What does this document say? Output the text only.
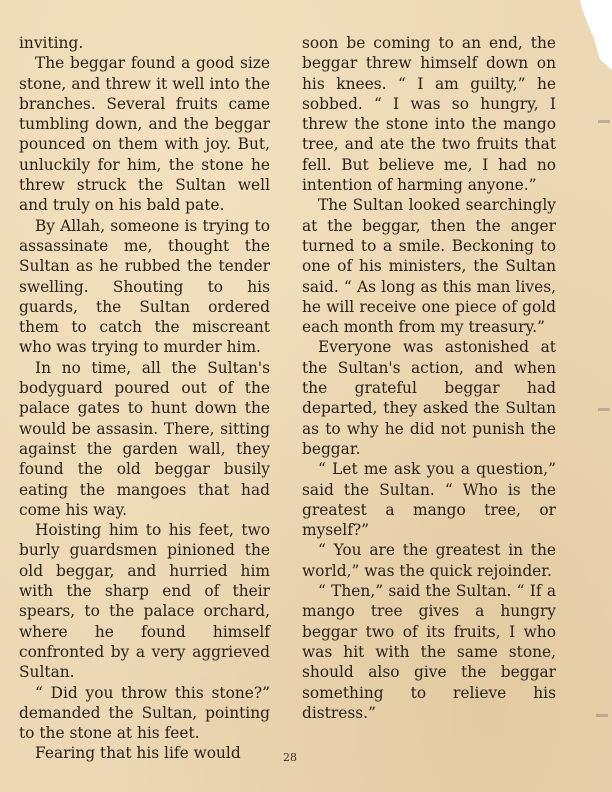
inviting.

The beggar found a good size stone, and threw it well into the branches. Several fruits came tumbling down, and the beggar pounced on them with joy. But, unluckily for him, the stone he threw struck the Sultan well and truly on his bald pate.

By Allah, someone is trying to assassinate me, thought the Sultan as he rubbed the tender swelling. Shouting to his guards, the Sultan ordered them to catch the miscreant who was trying to murder him.

In no time, all the Sultan's bodyguard poured out of the palace gates to hunt down the would be assasin. There, sitting against the garden wall, they found the old beggar busily eating the mangoes that had come his way.

Hoisting him to his feet, two burly guardsmen pinioned the old beggar, and hurried him with the sharp end of their spears, to the palace orchard, where he found himself confronted by a very aggrieved Sultan.

“ Did you throw this stone?” demanded the Sultan, pointing to the stone at his feet.

Fearing that his life would

soon be coming to an end, the beggar threw himself down on his knees. “ I am guilty,” he sobbed. “ I was so hungry, I threw the stone into the mango tree, and ate the two fruits that fell. But believe me, I had no intention of harming anyone.”

The Sultan looked searchingly at the beggar, then the anger turned to a smile. Beckoning to one of his ministers, the Sultan said. “ As long as this man lives, he will receive one piece of gold each month from my treasury.”

Everyone was astonished at the Sultan's action, and when the grateful beggar had departed, they asked the Sultan as to why he did not punish the beggar.

“ Let me ask you a question,” said the Sultan. “ Who is the greatest a mango tree, or myself?”

“ You are the greatest in the world,” was the quick rejoinder.

“ Then,” said the Sultan. “ If a mango tree gives a hungry beggar two of its fruits, I who was hit with the same stone, should also give the beggar something to relieve his distress.”

28
